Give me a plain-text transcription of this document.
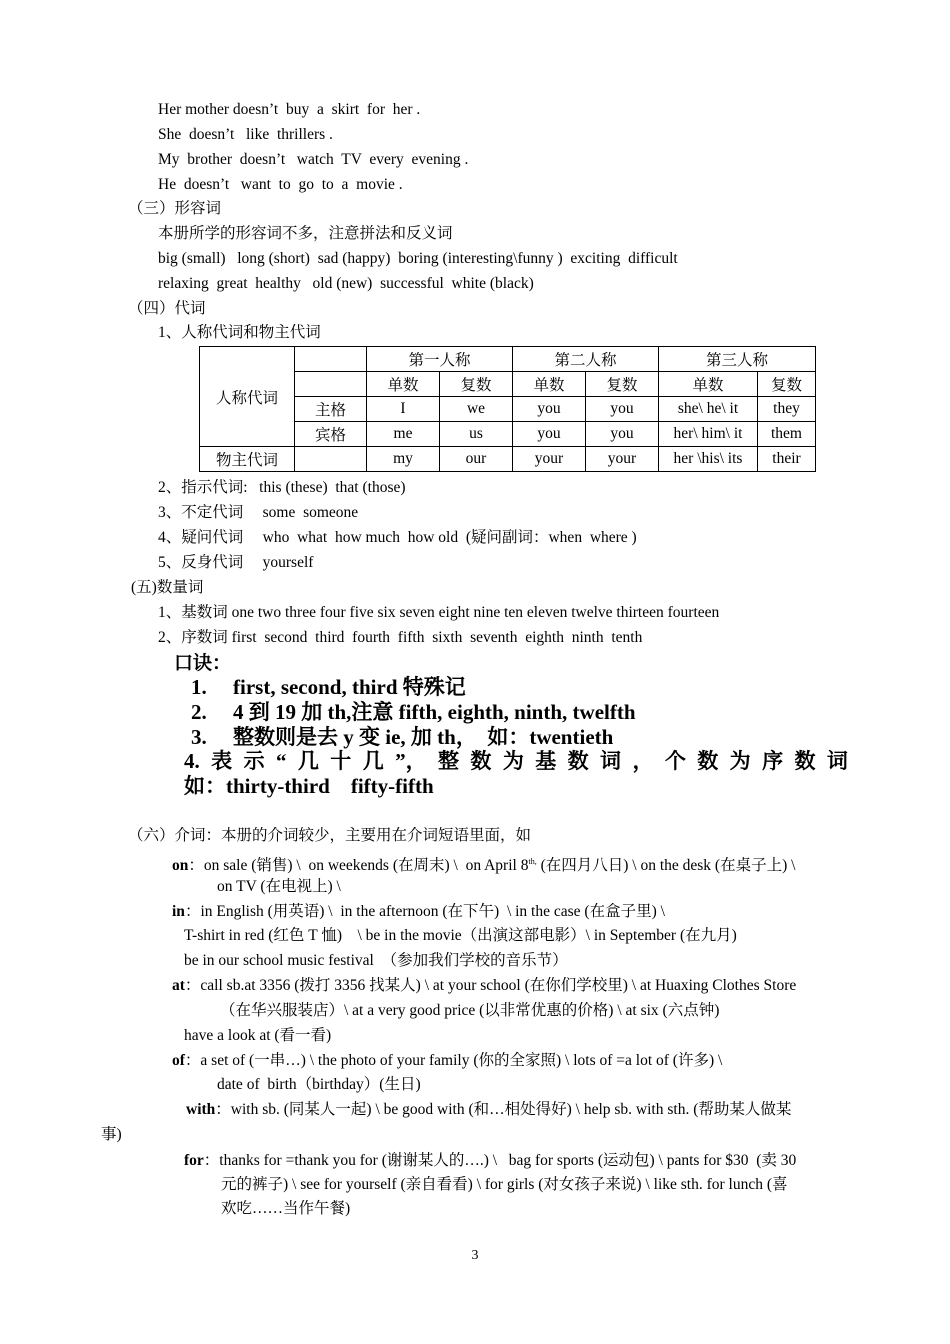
Her mother doesn’t  buy  a  skirt  for  her .
She  doesn’t   like  thrillers .
My  brother  doesn’t   watch  TV  every  evening .
He  doesn’t   want  to  go  to  a  movie .
（三）形容词
本册所学的形容词不多，注意拼法和反义词
big (small)   long (short)  sad (happy)  boring (interesting\funny )  exciting  difficult
relaxing  great  healthy   old (new)  successful  white (black)
（四）代词
1、人称代词和物主代词
人称代词		第一人称		第二人称		第三人称	
		单数	复数	单数	复数	单数	复数
	主格	I	we	you	you	she\ he\ it	they
	宾格	me	us	you	you	her\ him\ it	them
物主代词		my	our	your	your	her \his\ its	their
2、指示代词:   this (these)  that (those)
3、不定代词     some  someone
4、疑问代词     who  what  how much  how old  (疑问副词：when  where )
5、反身代词     yourself
(五)数量词
1、基数词 one two three four five six seven eight nine ten eleven twelve thirteen fourteen
2、序数词 first  second  third  fourth  fifth  sixth  seventh  eighth  ninth  tenth
口诀：
1.     first, second, third 特殊记
2.     4 到 19 加 th,注意 fifth, eighth, ninth, twelfth
3.     整数则是去 y 变 ie, 加 th，  如：twentieth
4. 表 示 “ 几 十 几 ”， 整 数 为 基 数 词 ， 个 数 为 序 数 词
如：thirty-third    fifty-fifth
（六）介词：本册的介词较少，主要用在介词短语里面，如
on：on sale (销售) \  on weekends (在周末) \  on April $8^{th,}$ (在四月八日) \ on the desk (在桌子上) \
on TV (在电视上) \
in：in English (用英语) \  in the afternoon (在下午)  \ in the case (在盒子里) \
T-shirt in red (红色 T 恤)    \ be in the movie（出演这部电影）\ in September (在九月)
be in our school music festival  （参加我们学校的音乐节）
at：call sb.at 3356 (拨打 3356 找某人) \ at your school (在你们学校里) \ at Huaxing Clothes Store
（在华兴服装店）\ at a very good price (以非常优惠的价格) \ at six (六点钟)
have a look at (看一看)
of：a set of (一串…) \ the photo of your family (你的全家照) \ lots of =a lot of (许多) \
date of  birth（birthday）(生日)
with：with sb. (同某人一起) \ be good with (和…相处得好) \ help sb. with sth. (帮助某人做某
事)
for：thanks for =thank you for (谢谢某人的….) \   bag for sports (运动包) \ pants for $30  (卖 30
元的裤子) \ see for yourself (亲自看看) \ for girls (对女孩子来说) \ like sth. for lunch (喜
欢吃……当作午餐)
3
